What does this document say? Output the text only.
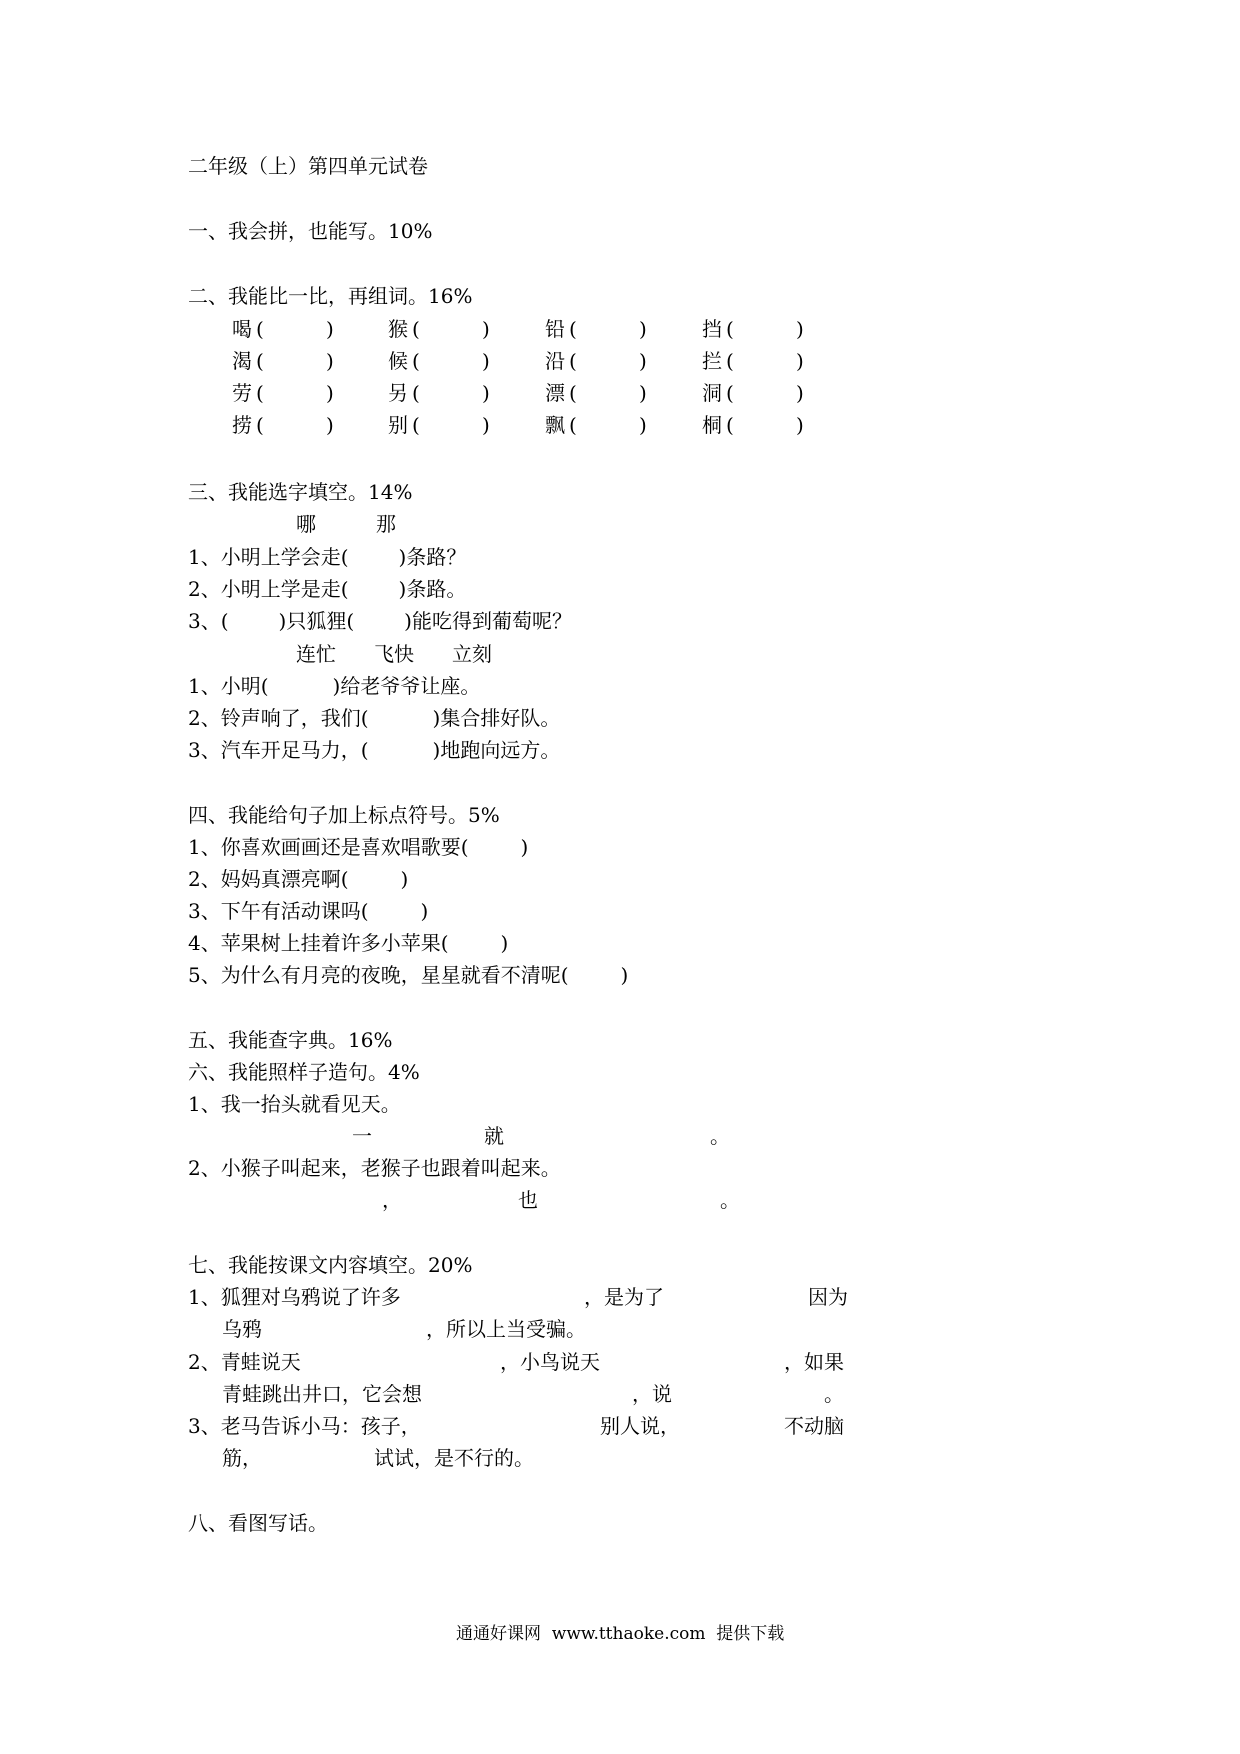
二年级（上）第四单元试卷
一、我会拼，也能写。10%
二、我能比一比，再组词。16%
喝 (	)	猴 (	)	铅 (	)	挡 (	)
渴 (	)	候 (	)	沿 (	)	拦 (	)
劳 (	)	另 (	)	漂 (	)	洞 (	)
捞 (	)	别 (	)	飘 (	)	桐 (	)
三、我能选字填空。14%
哪	那
1、小明上学会走(	)条路？
2、小明上学是走(	)条路。
3、(	)只狐狸(	)能吃得到葡萄呢？
连忙 飞快 立刻
1、小明(	)给老爷爷让座。
2、铃声响了，我们(	)集合排好队。
3、汽车开足马力，(	)地跑向远方。
四、我能给句子加上标点符号。5%
1、你喜欢画画还是喜欢唱歌要(	)
2、妈妈真漂亮啊(	)
3、下午有活动课吗(	)
4、苹果树上挂着许多小苹果(	)
5、为什么有月亮的夜晚，星星就看不清呢(	)
五、我能查字典。16%
六、我能照样子造句。4%
1、我一抬头就看见天。
一	就	。
2、小猴子叫起来，老猴子也跟着叫起来。
，	也	。
七、我能按课文内容填空。20%
1、狐狸对乌鸦说了许多	，是为了	因为
乌鸦	，所以上当受骗。
2、青蛙说天	，小鸟说天	，如果
青蛙跳出井口，它会想	，说	。
3、老马告诉小马：孩子，	别人说，	不动脑
筋，	试试，是不行的。
八、看图写话。
通通好课网  www.tthaoke.com  提供下载
